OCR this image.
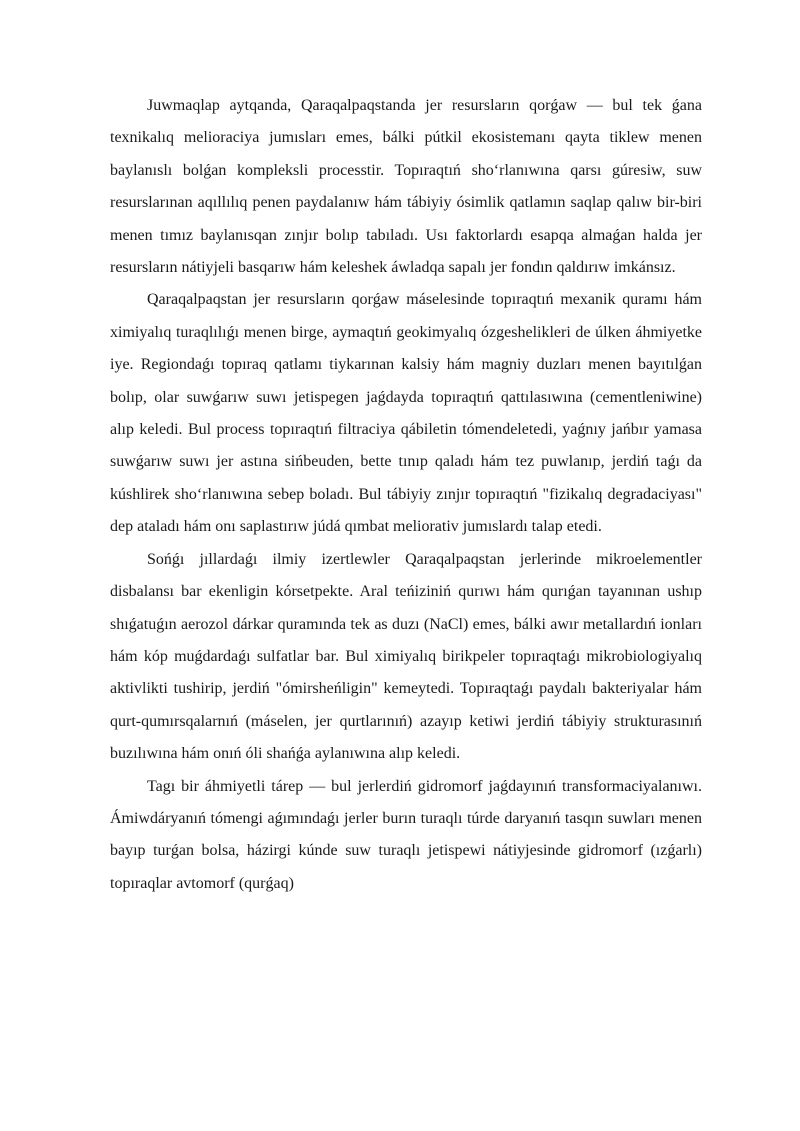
Juwmaqlap aytqanda, Qaraqalpaqstanda jer resursların qorǵaw — bul tek ǵana texnikalıq melioraciya jumısları emes, bálki pútkil ekosistemanı qayta tiklew menen baylanıslı bolǵan kompleksli processtir. Topıraqtıń sho‘rlanıwına qarsı gúresiw, suw resurslarınan aqıllılıq penen paydalanıw hám tábiyiy ósimlik qatlamın saqlap qalıw bir-biri menen tımız baylanısqan zınjır bolıp tabıladı. Usı faktorlardı esapqa almaǵan halda jer resursların nátiyjeli basqarıw hám keleshek áwladqa sapalı jer fondın qaldırıw imkánsız.

Qaraqalpaqstan jer resursların qorǵaw máselesinde topıraqtıń mexanik quramı hám ximiyalıq turaqlılıǵı menen birge, aymaqtıń geokimyalıq ózgeshelikleri de úlken áhmiyetke iye. Regiondaǵı topıraq qatlamı tiykarınan kalsiy hám magniy duzları menen bayıtılǵan bolıp, olar suwǵarıw suwı jetispegen jaǵdayda topıraqtıń qattılasıwına (cementleniwine) alıp keledi. Bul process topıraqtıń filtraciya qábiletin tómendeletedi, yaǵnıy jańbır yamasa suwǵarıw suwı jer astına sińbeuden, bette tınıp qaladı hám tez puwlanıp, jerdiń taǵı da kúshlirek sho‘rlanıwına sebep boladı. Bul tábiyiy zınjır topıraqtıń "fizikalıq degradaciyası" dep ataladı hám onı saplastırıw júdá qımbat meliorativ jumıslardı talap etedi.

Sońǵı jıllardaǵı ilmiy izertlewler Qaraqalpaqstan jerlerinde mikroelementler disbalansı bar ekenligin kórsetpekte. Aral teńiziniń qurıwı hám qurıǵan tayanınan ushıp shıǵatuǵın aerozol dárkar quramında tek as duzı (NaCl) emes, bálki awır metallardıń ionları hám kóp muǵdardaǵı sulfatlar bar. Bul ximiyalıq birikpeler topıraqtaǵı mikrobiologiyalıq aktivlikti tushirip, jerdiń "ómirsheńligin" kemeytedi. Topıraqtaǵı paydalı bakteriyalar hám qurt-qumırsqalarnıń (máselen, jer qurtlarınıń) azayıp ketiwi jerdiń tábiyiy strukturasınıń buzılıwına hám onıń óli shańǵa aylanıwına alıp keledi.

Tagı bir áhmiyetli tárep — bul jerlerdiń gidromorf jaǵdayınıń transformaciyalanıwı. Ámiwdáryanıń tómengi aǵımındaǵı jerler burın turaqlı túrde daryanıń tasqın suwları menen bayıp turǵan bolsa, házirgi kúnde suw turaqlı jetispewi nátiyjesinde gidromorf (ızǵarlı) topıraqlar avtomorf (qurǵaq)
